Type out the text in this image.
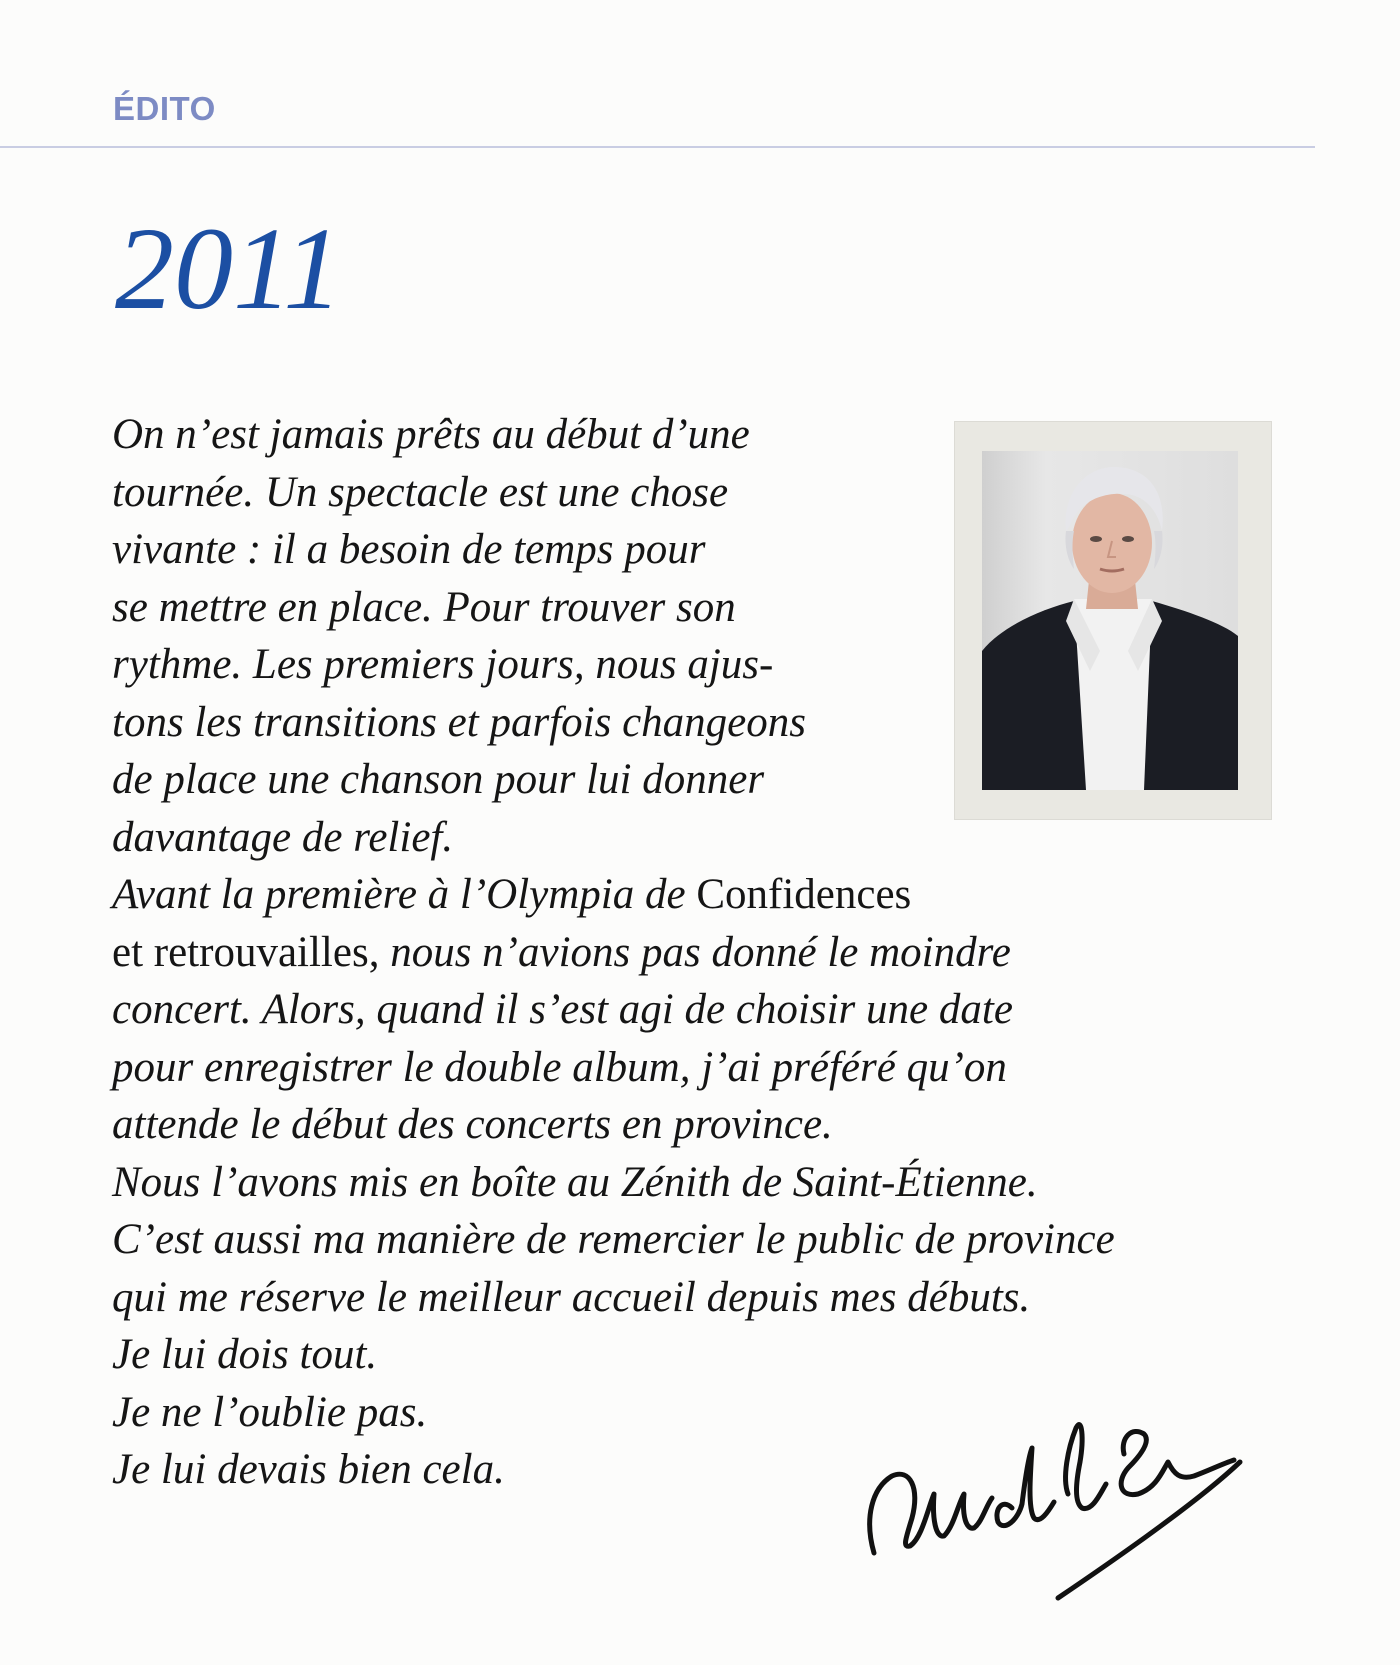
ÉDITO
2011

On n’est jamais prêts au début d’une
tournée. Un spectacle est une chose
vivante : il a besoin de temps pour
se mettre en place. Pour trouver son
rythme. Les premiers jours, nous ajus-
tons les transitions et parfois changeons
de place une chanson pour lui donner
davantage de relief.
Avant la première à l’Olympia de Confidences
et retrouvailles, nous n’avions pas donné le moindre
concert. Alors, quand il s’est agi de choisir une date
pour enregistrer le double album, j’ai préféré qu’on
attende le début des concerts en province.
Nous l’avons mis en boîte au Zénith de Saint-Étienne.
C’est aussi ma manière de remercier le public de province
qui me réserve le meilleur accueil depuis mes débuts.
Je lui dois tout.
Je ne l’oublie pas.
Je lui devais bien cela.
